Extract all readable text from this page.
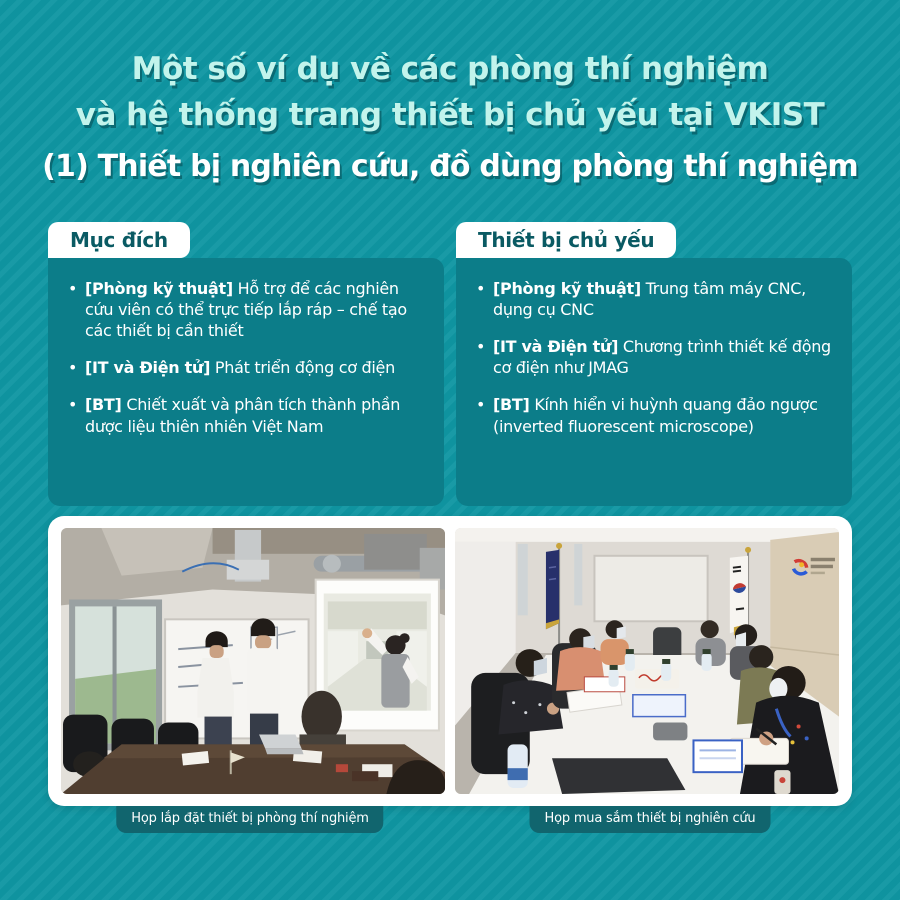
Một số ví dụ về các phòng thí nghiệm
và hệ thống trang thiết bị chủ yếu tại VKIST
(1) Thiết bị nghiên cứu, đồ dùng phòng thí nghiệm
Mục đích
• [Phòng kỹ thuật] Hỗ trợ để các nghiên cứu viên có thể trực tiếp lắp ráp – chế tạo các thiết bị cần thiết
• [IT và Điện tử] Phát triển động cơ điện
• [BT] Chiết xuất và phân tích thành phần dược liệu thiên nhiên Việt Nam
Thiết bị chủ yếu
• [Phòng kỹ thuật] Trung tâm máy CNC, dụng cụ CNC
• [IT và Điện tử] Chương trình thiết kế động cơ điện như JMAG
• [BT] Kính hiển vi huỳnh quang đảo ngược (inverted fluorescent microscope)
Họp lắp đặt thiết bị phòng thí nghiệm	Họp mua sắm thiết bị nghiên cứu
